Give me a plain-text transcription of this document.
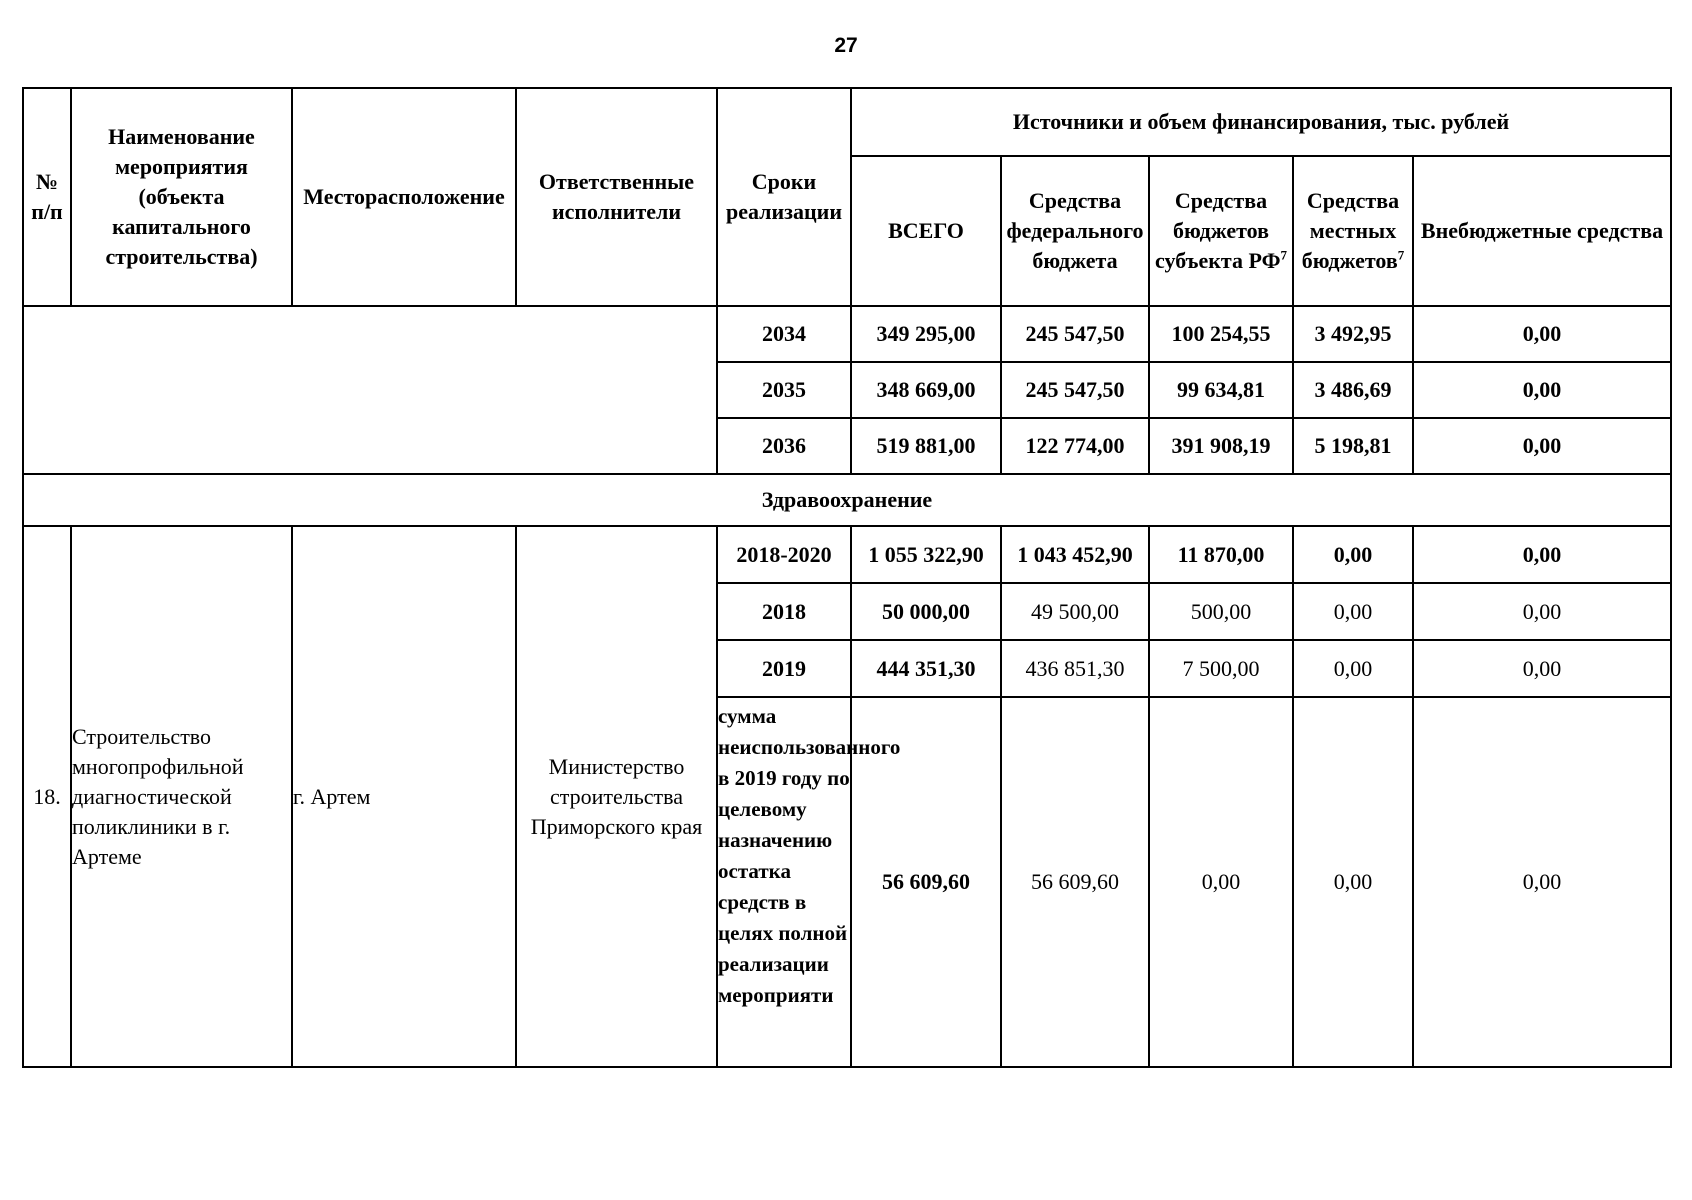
27
№ п/п	Наименование мероприятия (объекта капитального строительства)	Месторасположение	Ответственные исполнители	Сроки реализации	Источники и объем финансирования, тыс. рублей				
					ВСЕГО	Средства федерального бюджета	Средства бюджетов субъекта $РФ^7$	Средства местных бюджетов$^7$	Внебюджетные средства
				2034	349 295,00	245 547,50	100 254,55	3 492,95	0,00
				2035	348 669,00	245 547,50	99 634,81	3 486,69	0,00
				2036	519 881,00	122 774,00	391 908,19	5 198,81	0,00
Здравоохранение									
18.	Строительство многопрофильной диагностической поликлиники в г. Артеме	г. Артем	Министерство строительства Приморского края	2018-2020	1 055 322,90	1 043 452,90	11 870,00	0,00	0,00
				2018	50 000,00	49 500,00	500,00	0,00	0,00
				2019	444 351,30	436 851,30	7 500,00	0,00	0,00
				сумма неиспользованного в 2019 году по целевому назначению остатка средств в целях полной реализации мероприяти	56 609,60	56 609,60	0,00	0,00	0,00
